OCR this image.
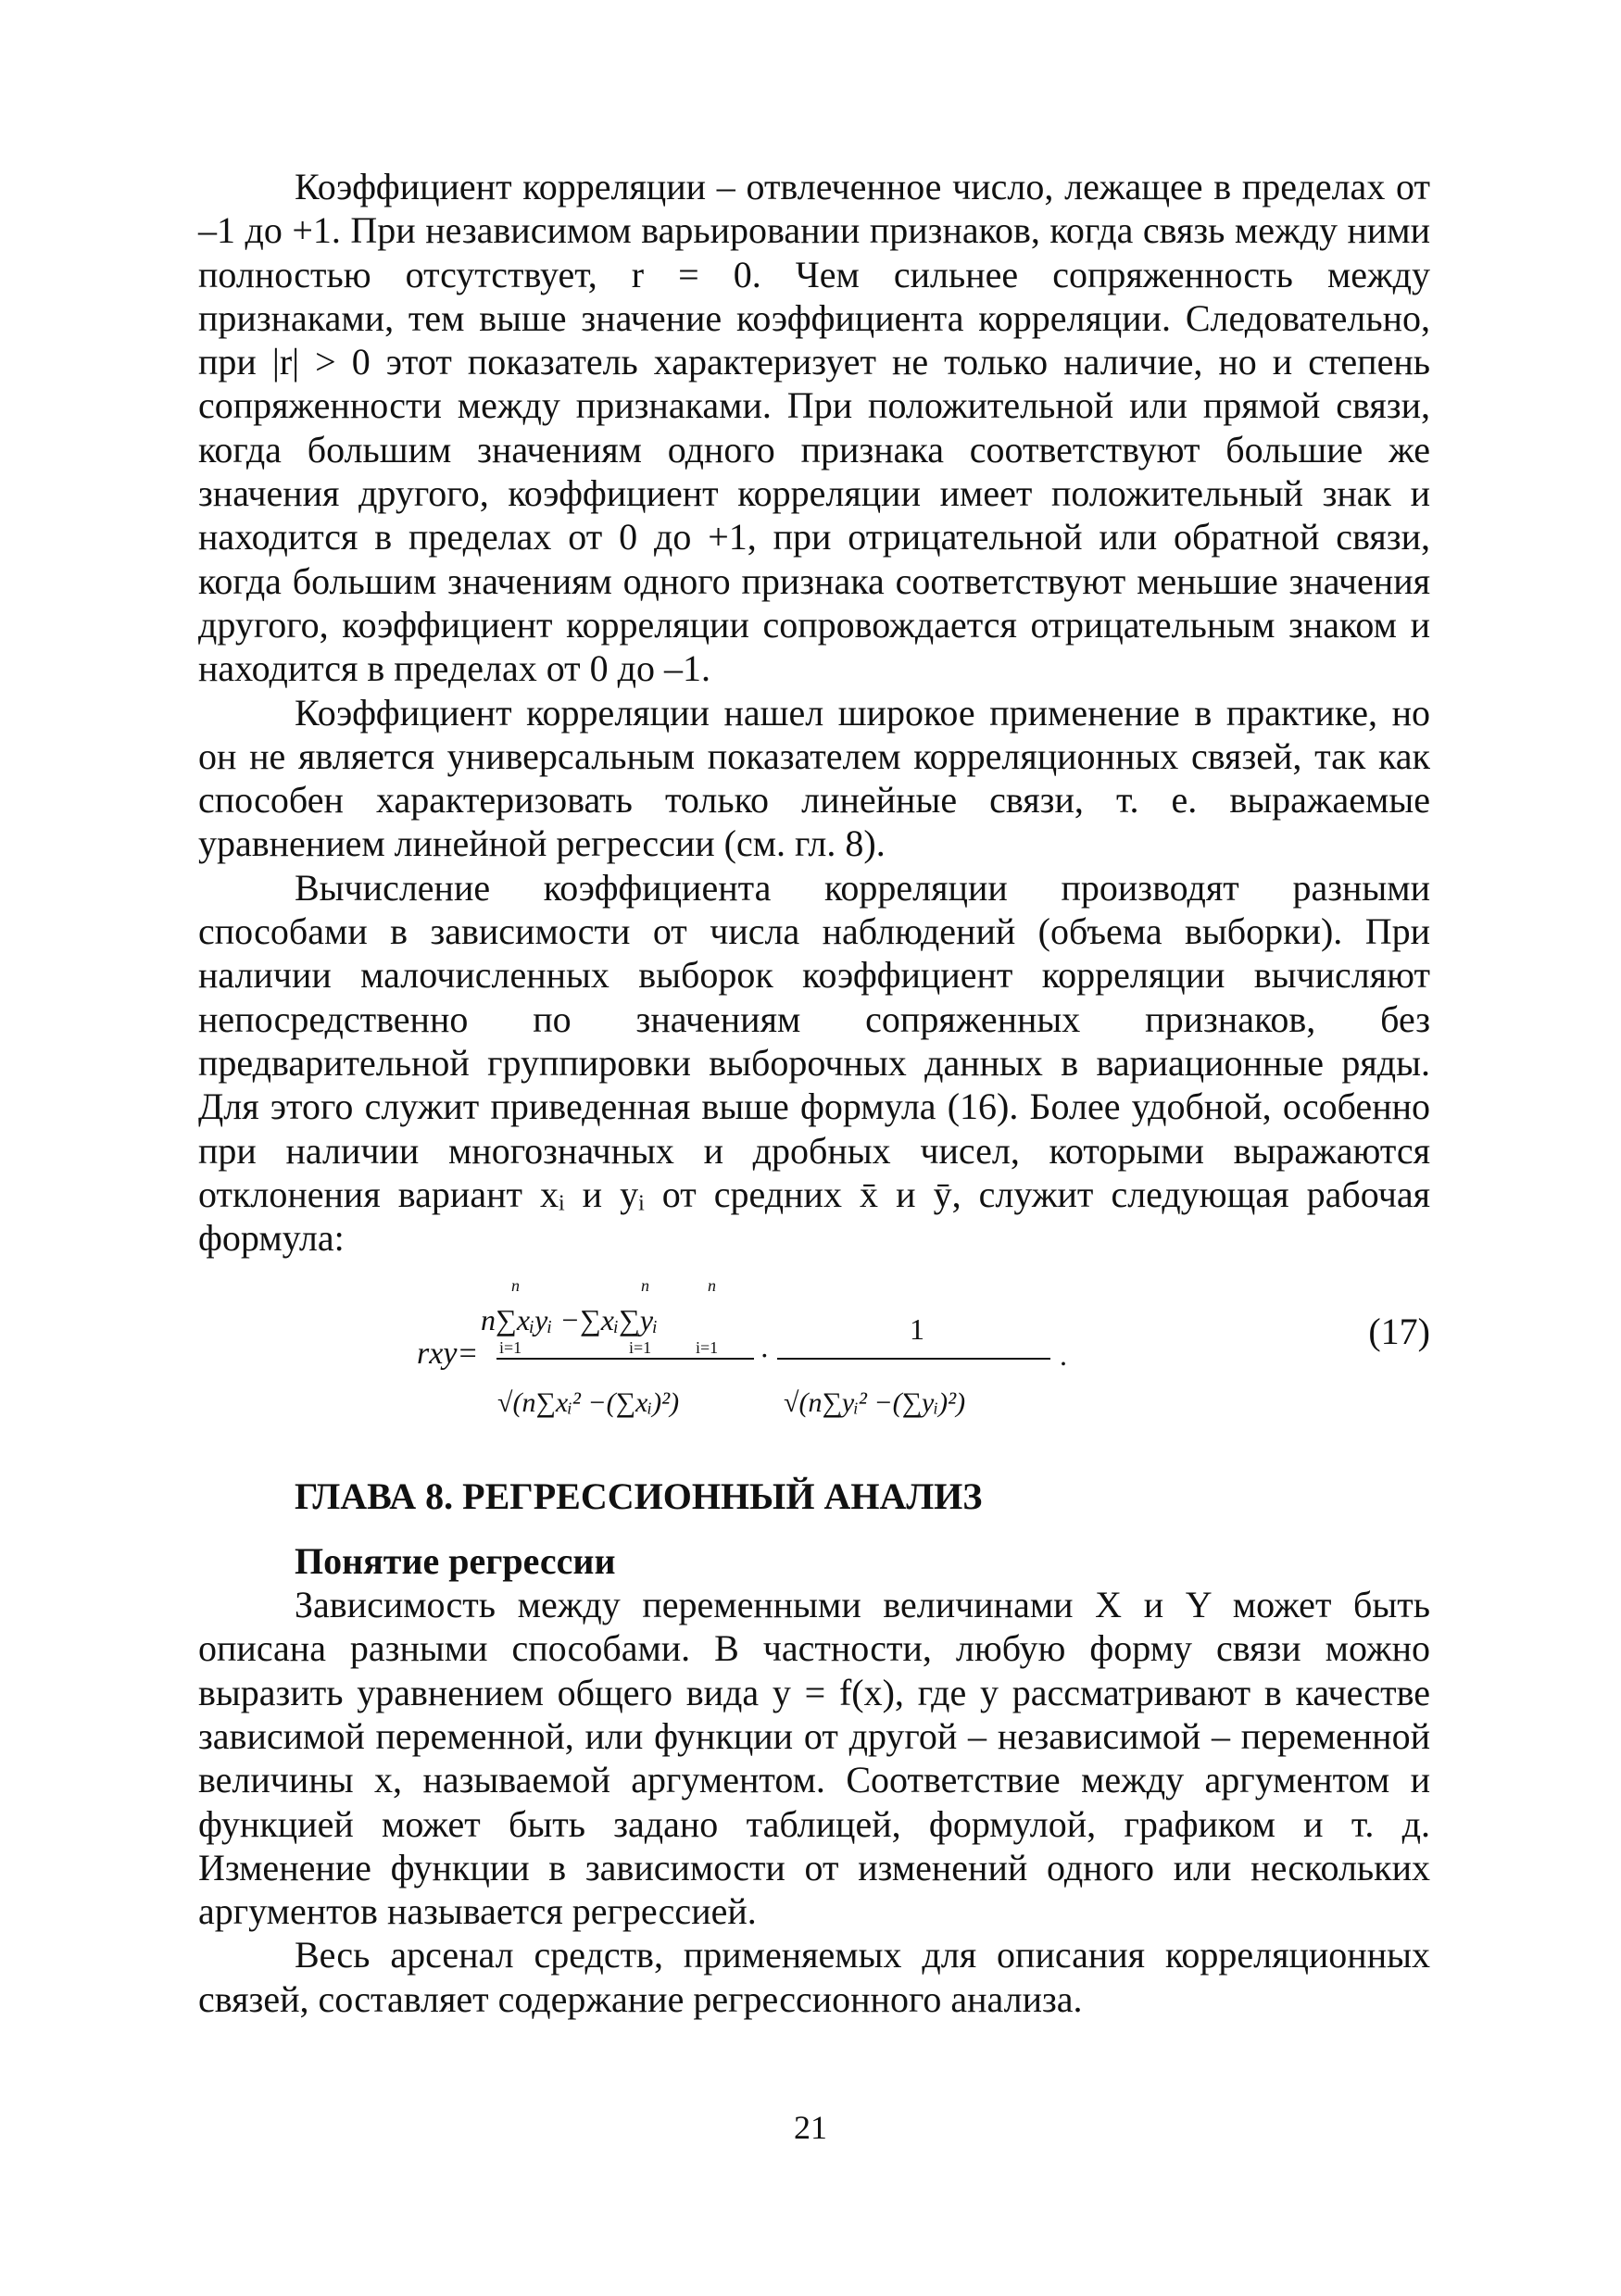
Коэффициент корреляции – отвлеченное число, лежащее в пределах от –1 до +1. При независимом варьировании признаков, когда связь между ними полностью отсутствует, r = 0. Чем сильнее сопряженность между признаками, тем выше значение коэффициента корреляции. Следовательно, при |r| > 0 этот показатель характеризует не только наличие, но и степень сопряженности между признаками. При положительной или прямой связи, когда большим значениям одного признака соответствуют большие же значения другого, коэффициент корреляции имеет положительный знак и находится в пределах от 0 до +1, при отрицательной или обратной связи, когда большим значениям одного признака соответствуют меньшие значения другого, коэффициент корреляции сопровождается отрицательным знаком и находится в пределах от 0 до –1.

Коэффициент корреляции нашел широкое применение в практике, но он не является универсальным показателем корреляционных связей, так как способен характеризовать только линейные связи, т. е. выражаемые уравнением линейной регрессии (см. гл. 8).

Вычисление коэффициента корреляции производят разными способами в зависимости от числа наблюдений (объема выборки). При наличии малочисленных выборок коэффициент корреляции вычисляют непосредственно по значениям сопряженных признаков, без предварительной группировки выборочных данных в вариационные ряды. Для этого служит приведенная выше формула (16). Более удобной, особенно при наличии многозначных и дробных чисел, которыми выражаются отклонения вариант xᵢ и yᵢ от средних x̄ и ȳ, служит следующая рабочая формула:

rxy=
n
i=1
n
i=1
n
i=1
n∑xᵢyᵢ −∑xᵢ∑yᵢ
√(n∑xᵢ² −(∑xᵢ)²)
·
1
√(n∑yᵢ² −(∑yᵢ)²)
.
(17)
ГЛАВА 8. РЕГРЕССИОННЫЙ АНАЛИЗ
Понятие регрессии

Зависимость между переменными величинами X и Y может быть описана разными способами. В частности, любую форму связи можно выразить уравнением общего вида y = f(x), где y рассматривают в качестве зависимой переменной, или функции от другой – независимой – переменной величины x, называемой аргументом. Соответствие между аргументом и функцией может быть задано таблицей, формулой, графиком и т. д. Изменение функции в зависимости от изменений одного или нескольких аргументов называется регрессией.

Весь арсенал средств, применяемых для описания корреляционных связей, составляет содержание регрессионного анализа.

21
